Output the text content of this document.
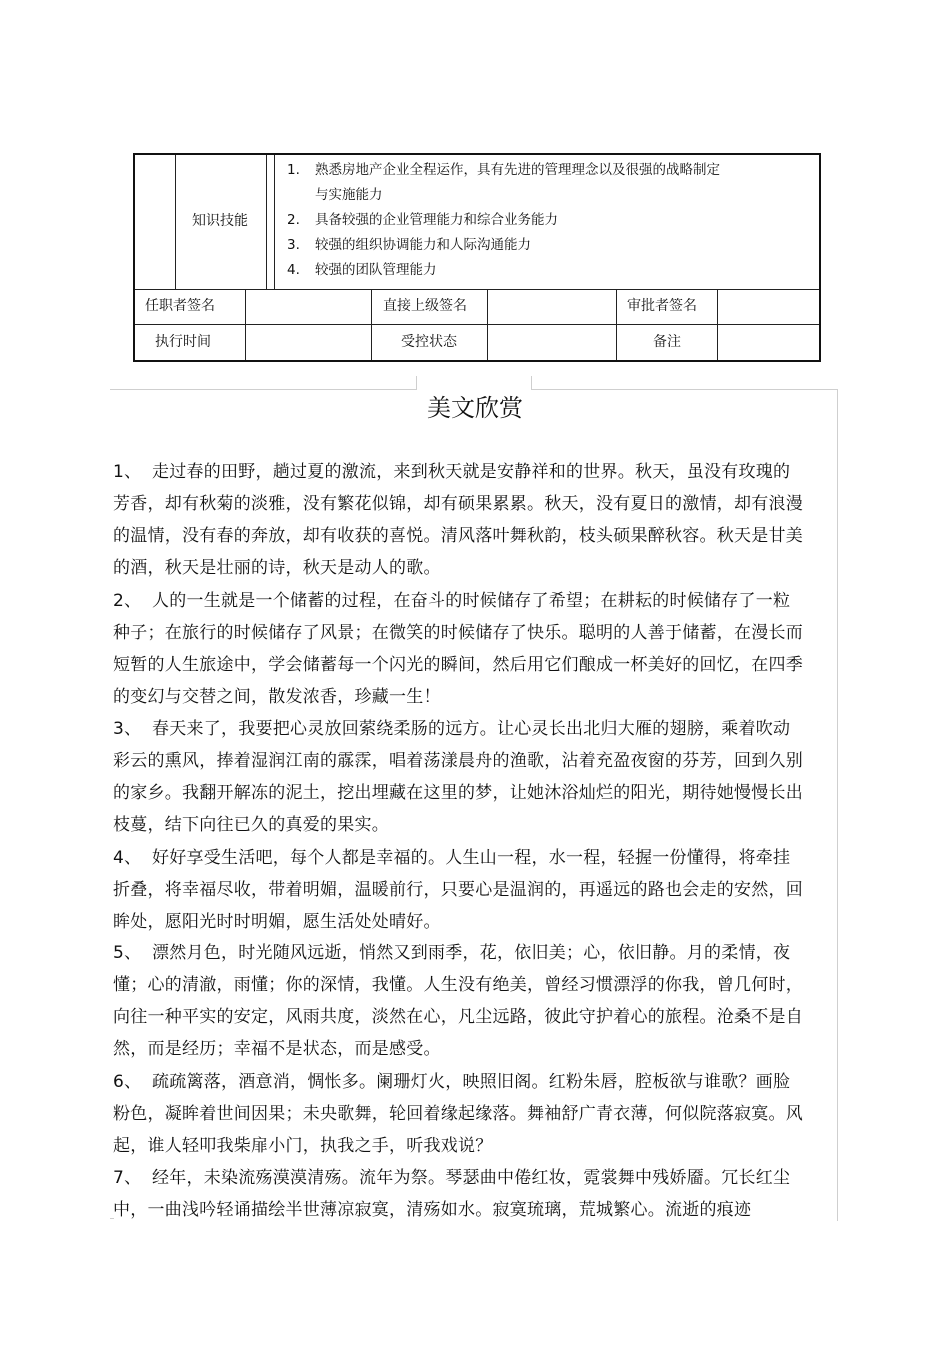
知识技能
1. 熟悉房地产企业全程运作，具有先进的管理理念以及很强的战略制定
与实施能力
2. 具备较强的企业管理能力和综合业务能力
3. 较强的组织协调能力和人际沟通能力
4. 较强的团队管理能力
任职者签名	直接上级签名	审批者签名
执行时间	受控状态	备注
美文欣赏
1、 走过春的田野，趟过夏的激流，来到秋天就是安静祥和的世界。秋天，虽没有玫瑰的芳香，却有秋菊的淡雅，没有繁花似锦，却有硕果累累。秋天，没有夏日的激情，却有浪漫的温情，没有春的奔放，却有收获的喜悦。清风落叶舞秋韵，枝头硕果醉秋容。秋天是甘美的酒，秋天是壮丽的诗，秋天是动人的歌。
2、 人的一生就是一个储蓄的过程，在奋斗的时候储存了希望；在耕耘的时候储存了一粒种子；在旅行的时候储存了风景；在微笑的时候储存了快乐。聪明的人善于储蓄，在漫长而短暂的人生旅途中，学会储蓄每一个闪光的瞬间，然后用它们酿成一杯美好的回忆，在四季的变幻与交替之间，散发浓香，珍藏一生！
3、 春天来了，我要把心灵放回萦绕柔肠的远方。让心灵长出北归大雁的翅膀，乘着吹动彩云的熏风，捧着湿润江南的霡霂，唱着荡漾晨舟的渔歌，沾着充盈夜窗的芬芳，回到久别的家乡。我翻开解冻的泥土，挖出埋藏在这里的梦，让她沐浴灿烂的阳光，期待她慢慢长出枝蔓，结下向往已久的真爱的果实。
4、 好好享受生活吧，每个人都是幸福的。人生山一程，水一程，轻握一份懂得，将牵挂折叠，将幸福尽收，带着明媚，温暖前行，只要心是温润的，再遥远的路也会走的安然，回眸处，愿阳光时时明媚，愿生活处处晴好。
5、 漂然月色，时光随风远逝，悄然又到雨季，花，依旧美；心，依旧静。月的柔情，夜懂；心的清澈，雨懂；你的深情，我懂。人生没有绝美，曾经习惯漂浮的你我，曾几何时，向往一种平实的安定，风雨共度，淡然在心，凡尘远路，彼此守护着心的旅程。沧桑不是自然，而是经历；幸福不是状态，而是感受。
6、 疏疏篱落，酒意消，惆怅多。阑珊灯火，映照旧阁。红粉朱唇，腔板欲与谁歌？画脸粉色，凝眸着世间因果；未央歌舞，轮回着缘起缘落。舞袖舒广青衣薄，何似院落寂寞。风起，谁人轻叩我柴扉小门，执我之手，听我戏说？
7、 经年，未染流殇漠漠清殇。流年为祭。琴瑟曲中倦红妆，霓裳舞中残娇靥。冗长红尘中，一曲浅吟轻诵描绘半世薄凉寂寞，清殇如水。寂寞琉璃，荒城繁心。流逝的痕迹
